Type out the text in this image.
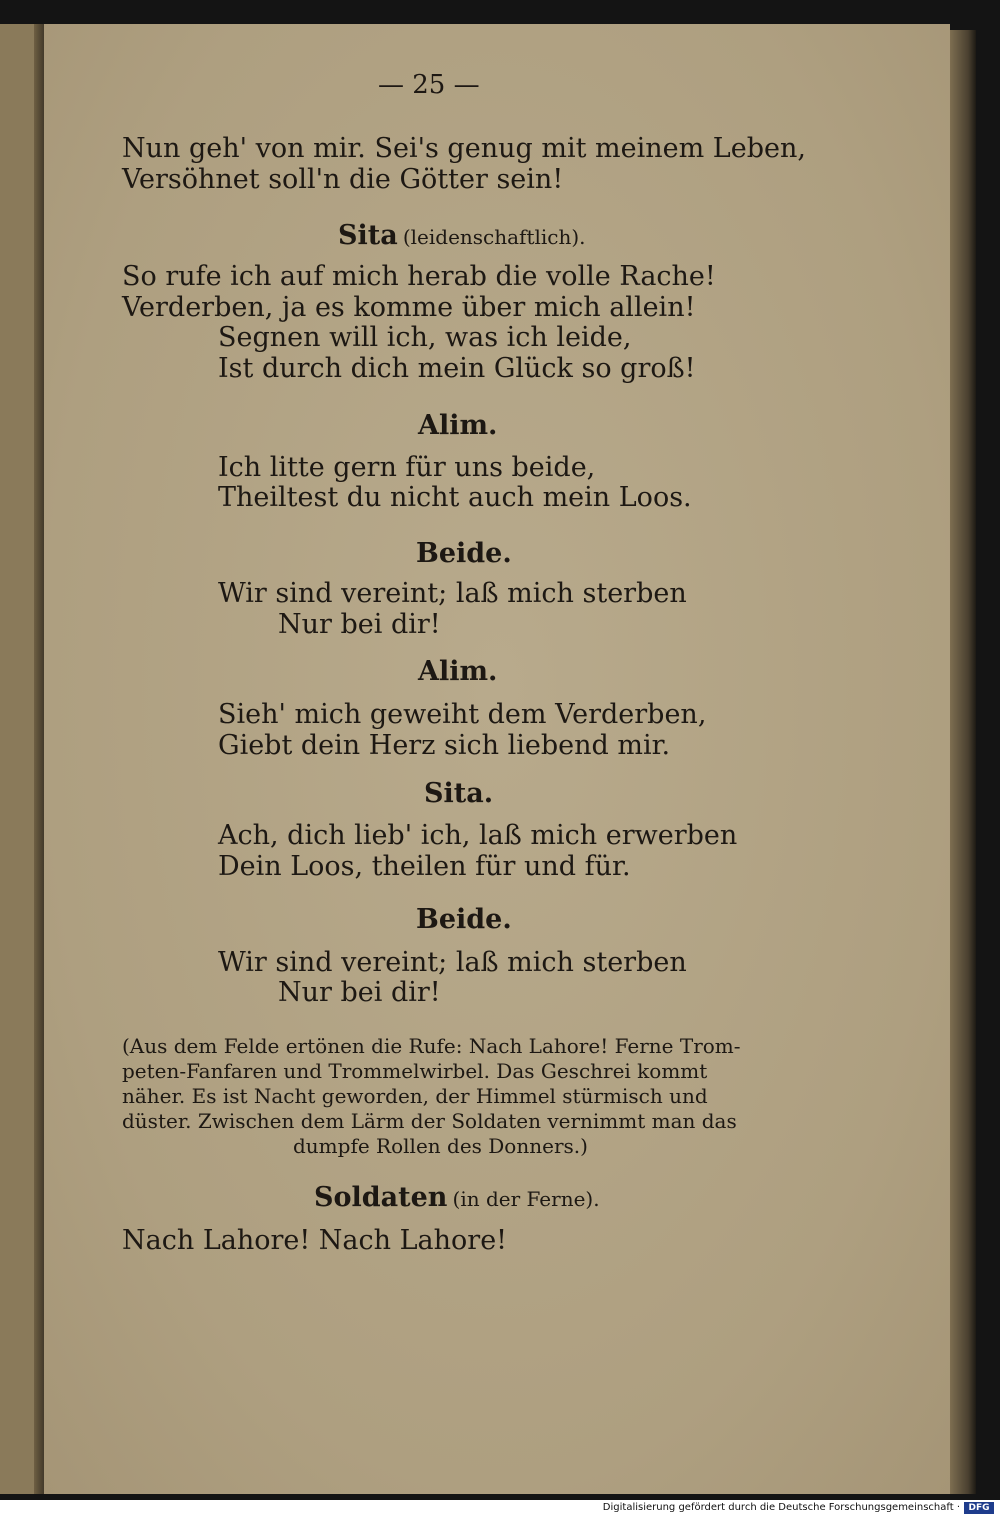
— 25 —
Nun geh' von mir. Sei's genug mit meinem Leben,
Versöhnet soll'n die Götter sein!
Sita (leidenschaftlich).
So rufe ich auf mich herab die volle Rache!
Verderben, ja es komme über mich allein!
Segnen will ich, was ich leide,
Ist durch dich mein Glück so groß!
Alim.
Ich litte gern für uns beide,
Theiltest du nicht auch mein Loos.
Beide.
Wir sind vereint; laß mich sterben
Nur bei dir!
Alim.
Sieh' mich geweiht dem Verderben,
Giebt dein Herz sich liebend mir.
Sita.
Ach, dich lieb' ich, laß mich erwerben
Dein Loos, theilen für und für.
Beide.
Wir sind vereint; laß mich sterben
Nur bei dir!
(Aus dem Felde ertönen die Rufe: Nach Lahore! Ferne Trom-
peten-Fanfaren und Trommelwirbel. Das Geschrei kommt
näher. Es ist Nacht geworden, der Himmel stürmisch und
düster. Zwischen dem Lärm der Soldaten vernimmt man das
dumpfe Rollen des Donners.)
Soldaten (in der Ferne).
Nach Lahore! Nach Lahore!
Digitalisierung gefördert durch die Deutsche Forschungsgemeinschaft · DFG
